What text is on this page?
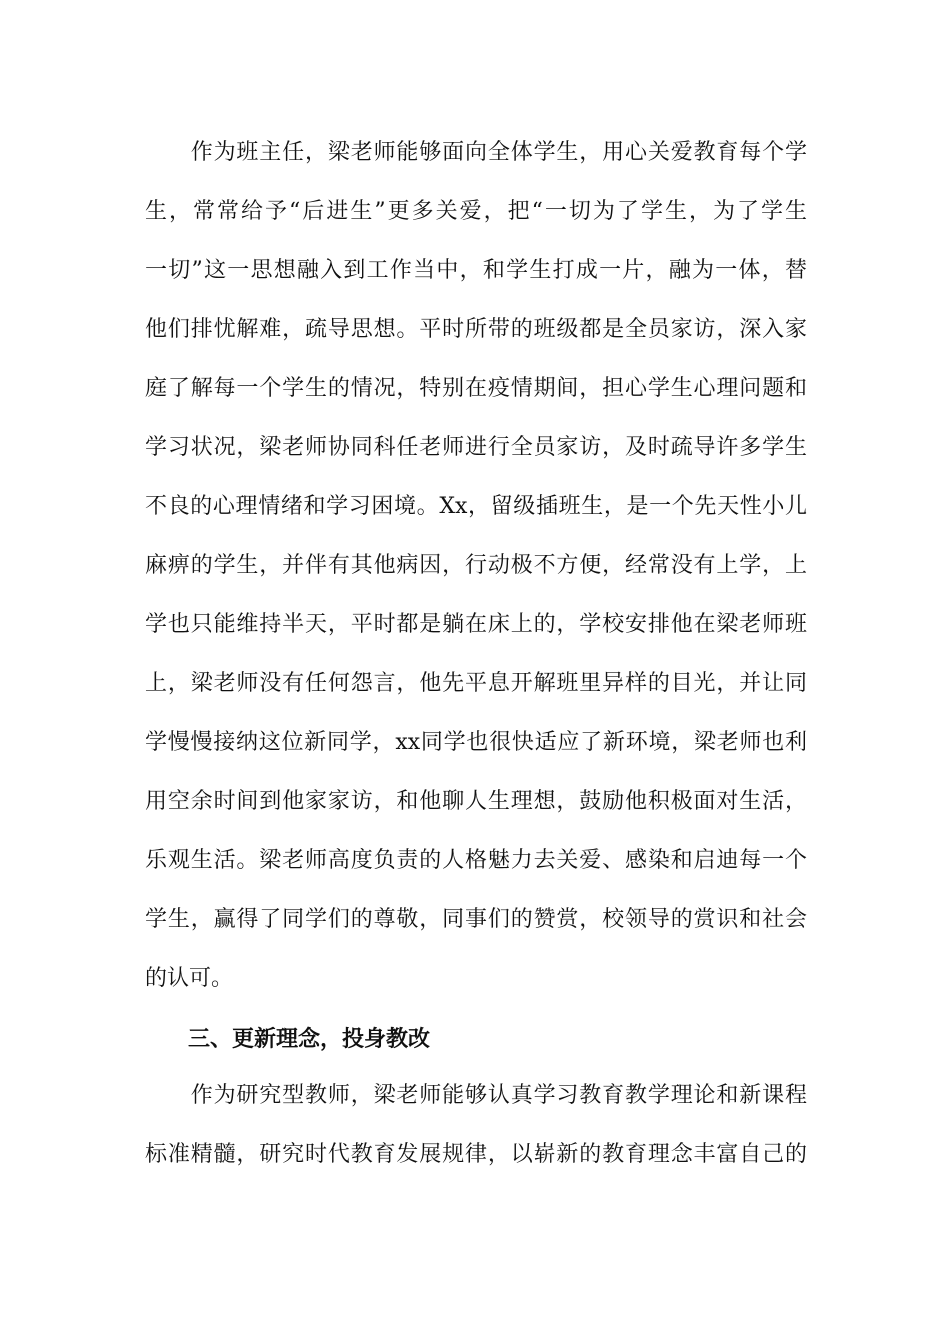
　　作为班主任，梁老师能够面向全体学生，用心关爱教育每个学
生，常常给予“后进生”更多关爱，把“一切为了学生，为了学生
一切”这一思想融入到工作当中，和学生打成一片，融为一体，替
他们排忧解难，疏导思想。平时所带的班级都是全员家访，深入家
庭了解每一个学生的情况，特别在疫情期间，担心学生心理问题和
学习状况，梁老师协同科任老师进行全员家访，及时疏导许多学生
不良的心理情绪和学习困境。Xx，留级插班生，是一个先天性小儿
麻痹的学生，并伴有其他病因，行动极不方便，经常没有上学，上
学也只能维持半天，平时都是躺在床上的，学校安排他在梁老师班
上，梁老师没有任何怨言，他先平息开解班里异样的目光，并让同
学慢慢接纳这位新同学，xx同学也很快适应了新环境，梁老师也利
用空余时间到他家家访，和他聊人生理想，鼓励他积极面对生活，
乐观生活。梁老师高度负责的人格魅力去关爱、感染和启迪每一个
学生，赢得了同学们的尊敬，同事们的赞赏，校领导的赏识和社会
的认可。
三、更新理念，投身教改
　　作为研究型教师，梁老师能够认真学习教育教学理论和新课程
标准精髓，研究时代教育发展规律，以崭新的教育理念丰富自己的
